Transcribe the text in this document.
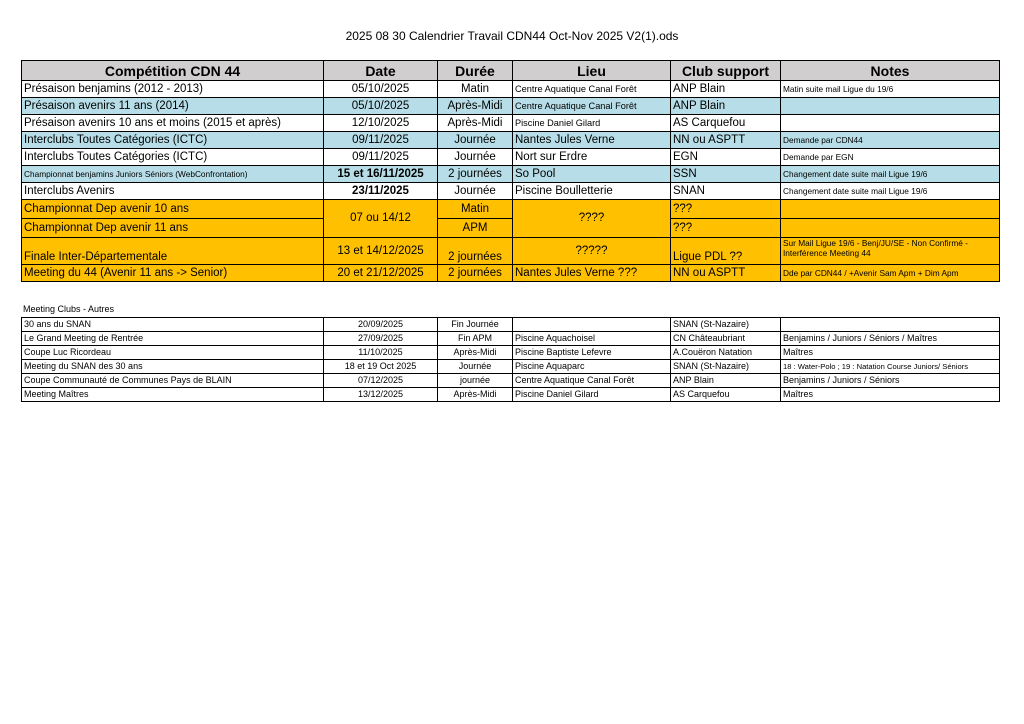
2025 08 30 Calendrier Travail CDN44 Oct-Nov 2025 V2(1).ods
Compétition CDN 44	Date	Durée	Lieu	Club support	Notes
Présaison benjamins (2012 - 2013)	05/10/2025	Matin	Centre Aquatique Canal Forêt	ANP Blain	Matin suite mail Ligue du 19/6
Présaison avenirs 11 ans (2014)	05/10/2025	Après-Midi	Centre Aquatique Canal Forêt	ANP Blain	
Présaison avenirs 10 ans et moins (2015 et après)	12/10/2025	Après-Midi	Piscine Daniel Gilard	AS Carquefou	
Interclubs Toutes Catégories (ICTC)	09/11/2025	Journée	Nantes Jules Verne	NN ou ASPTT	Demande par CDN44
Interclubs Toutes Catégories (ICTC)	09/11/2025	Journée	Nort sur Erdre	EGN	Demande par EGN
Championnat benjamins Juniors Séniors (WebConfrontation)	15 et 16/11/2025	2 journées	So Pool	SSN	Changement date suite mail Ligue 19/6
Interclubs Avenirs	23/11/2025	Journée	Piscine Boulletterie	SNAN	Changement date suite mail Ligue 19/6
Championnat Dep avenir 10 ans	07 ou 14/12	Matin	????	???	
Championnat Dep avenir 11 ans		APM		???	
Finale Inter-Départementale	13 et 14/12/2025	2 journées	?????	Ligue PDL ??	Sur Mail Ligue 19/6 - Benj/JU/SE - Non Confirmé - Interférence Meeting 44
Meeting du 44 (Avenir 11 ans -> Senior)	20 et 21/12/2025	2 journées	Nantes Jules Verne ???	NN ou ASPTT	Dde par CDN44 / +Avenir Sam Apm + Dim Apm
Meeting Clubs - Autres
30 ans du SNAN	20/09/2025	Fin Journée		SNAN (St-Nazaire)	
Le Grand Meeting de Rentrée	27/09/2025	Fin APM	Piscine Aquachoisel	CN Châteaubriant	Benjamins / Juniors / Séniors / Maîtres
Coupe Luc Ricordeau	11/10/2025	Après-Midi	Piscine Baptiste Lefevre	A.Couëron Natation	Maîtres
Meeting du SNAN des 30 ans	18 et 19 Oct 2025	Journée	Piscine Aquaparc	SNAN (St-Nazaire)	18 : Water-Polo ; 19 : Natation Course Juniors/ Séniors
Coupe Communauté de Communes Pays de BLAIN	07/12/2025	journée	Centre Aquatique Canal Forêt	ANP Blain	Benjamins / Juniors / Séniors
Meeting Maîtres	13/12/2025	Après-Midi	Piscine Daniel Gilard	AS Carquefou	Maîtres
